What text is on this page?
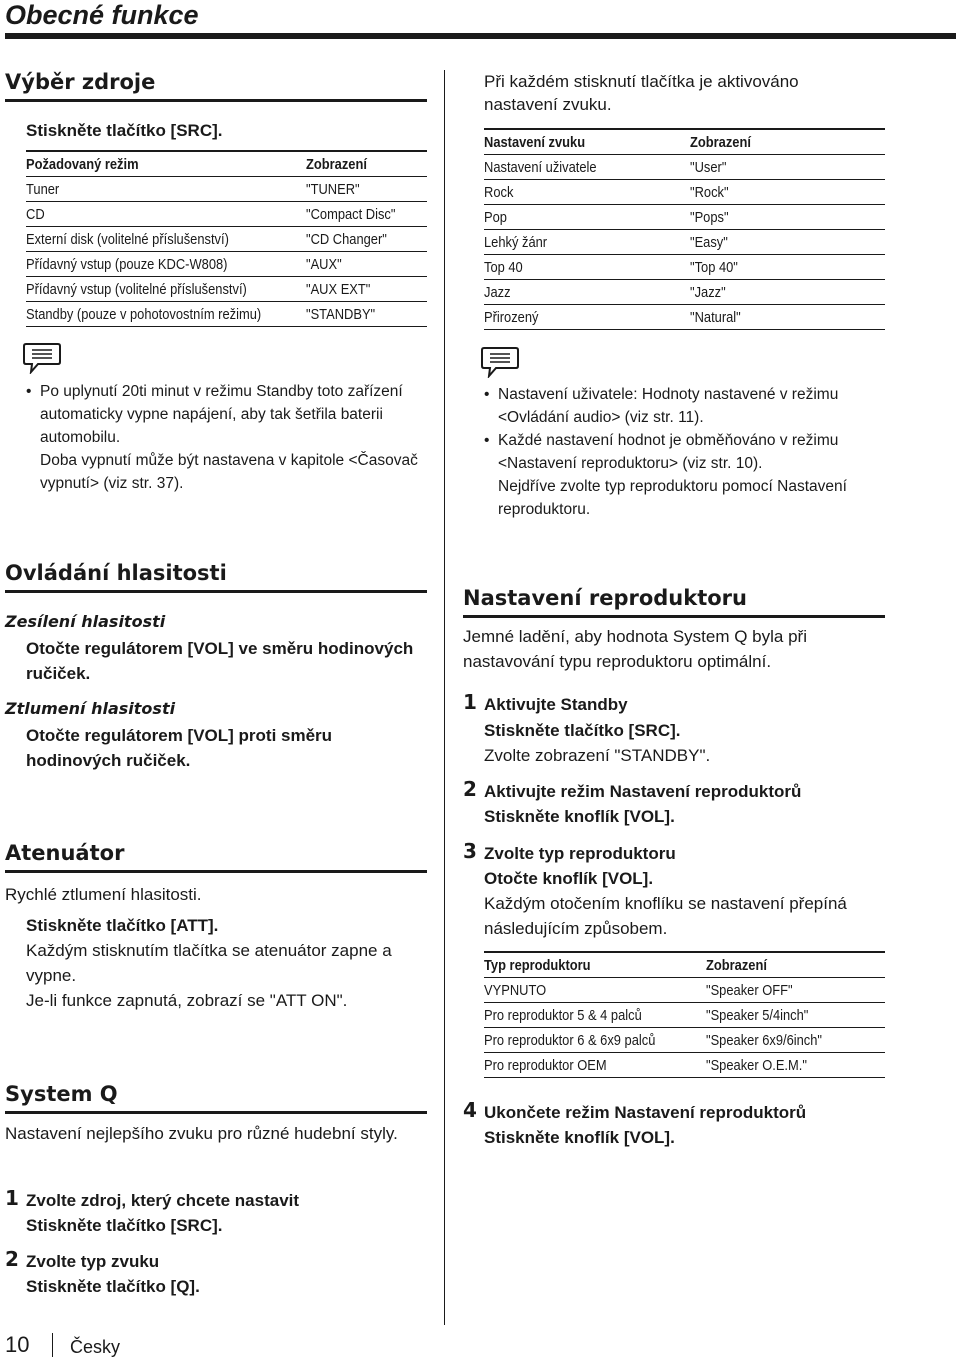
Obecné funkce
Výběr zdroje
Stiskněte tlačítko [SRC].
Požadovaný režim	Zobrazení
Tuner	"TUNER"
CD	"Compact Disc"
Externí disk (volitelné příslušenství)	"CD Changer"
Přídavný vstup (pouze KDC-W808)	"AUX"
Přídavný vstup (volitelné příslušenství)	"AUX EXT"
Standby (pouze v pohotovostním režimu)	"STANDBY"
• Po uplynutí 20ti minut v režimu Standby toto zařízení automaticky vypne napájení, aby tak šetřila baterii automobilu.
Doba vypnutí může být nastavena v kapitole <Časovač vypnutí> (viz str. 37).
Ovládání hlasitosti
Zesílení hlasitosti
Otočte regulátorem [VOL] ve směru hodinových ručiček.
Ztlumení hlasitosti
Otočte regulátorem [VOL] proti směru hodinových ručiček.
Atenuátor
Rychlé ztlumení hlasitosti.
Stiskněte tlačítko [ATT].
Každým stisknutím tlačítka se atenuátor zapne a vypne.
Je-li funkce zapnutá, zobrazí se "ATT ON".
System Q
Nastavení nejlepšího zvuku pro různé hudební styly.
1 Zvolte zdroj, který chcete nastavit
Stiskněte tlačítko [SRC].
2 Zvolte typ zvuku
Stiskněte tlačítko [Q].
10 Česky
Při každém stisknutí tlačítka je aktivováno nastavení zvuku.
Nastavení zvuku	Zobrazení
Nastavení uživatele	"User"
Rock	"Rock"
Pop	"Pops"
Lehký žánr	"Easy"
Top 40	"Top 40"
Jazz	"Jazz"
Přirozený	"Natural"
• Nastavení uživatele: Hodnoty nastavené v režimu <Ovládání audio> (viz str. 11).
• Každé nastavení hodnot je obměňováno v režimu <Nastavení reproduktoru> (viz str. 10).
Nejdříve zvolte typ reproduktoru pomocí Nastavení reproduktoru.
Nastavení reproduktoru
Jemné ladění, aby hodnota System Q byla při nastavování typu reproduktoru optimální.
1 Aktivujte Standby
Stiskněte tlačítko [SRC].
Zvolte zobrazení "STANDBY".
2 Aktivujte režim Nastavení reproduktorů
Stiskněte knoflík [VOL].
3 Zvolte typ reproduktoru
Otočte knoflík [VOL].
Každým otočením knoflíku se nastavení přepíná následujícím způsobem.
Typ reproduktoru	Zobrazení
VYPNUTO	"Speaker OFF"
Pro reproduktor 5 & 4 palců	"Speaker 5/4inch"
Pro reproduktor 6 & 6x9 palců	"Speaker 6x9/6inch"
Pro reproduktor OEM	"Speaker O.E.M."
4 Ukončete režim Nastavení reproduktorů
Stiskněte knoflík [VOL].
